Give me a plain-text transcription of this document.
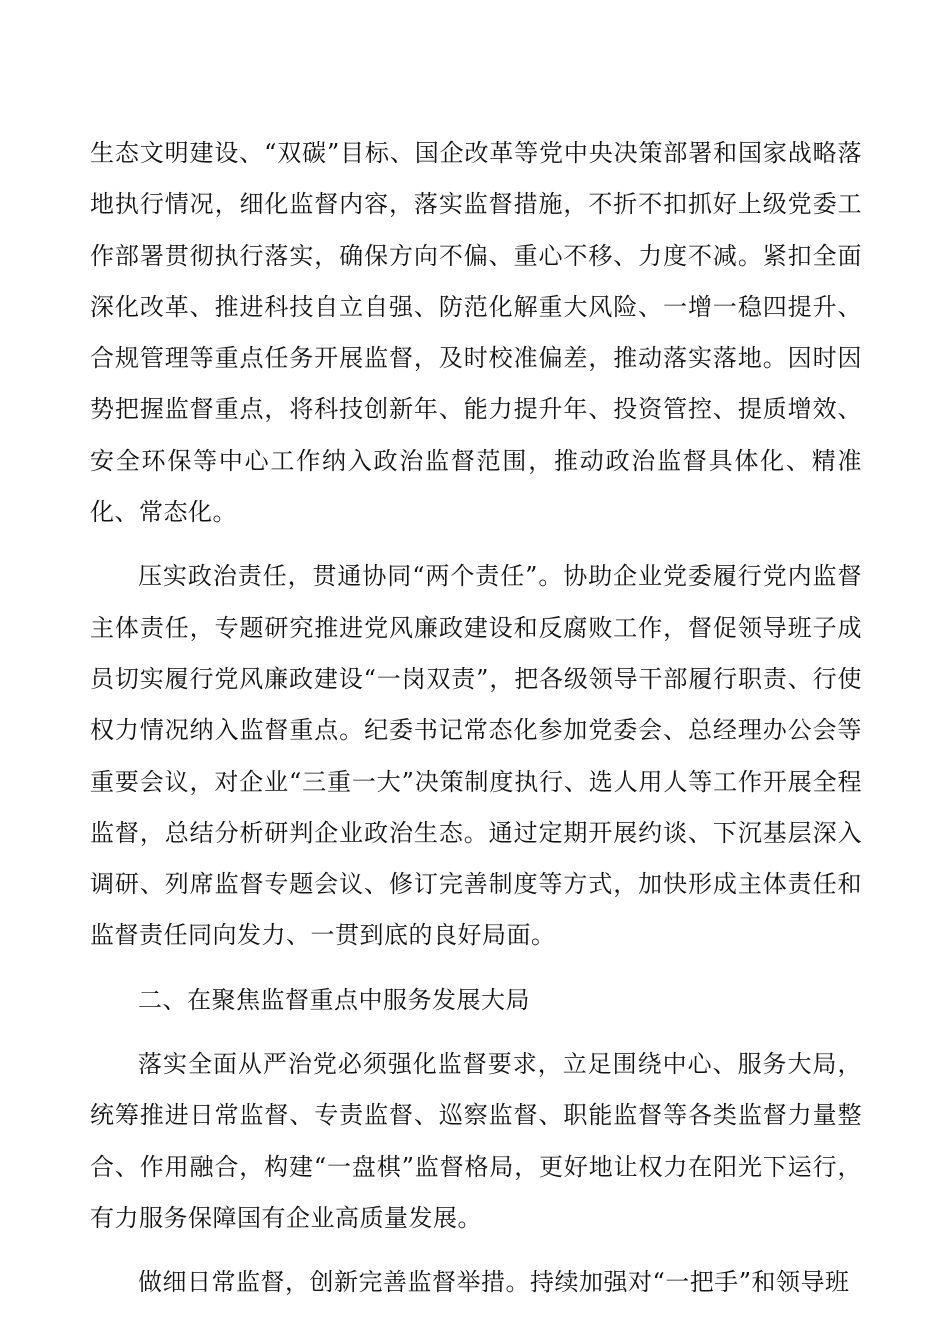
生态文明建设、“双碳”目标、国企改革等党中央决策部署和国家战略落地执行情况，细化监督内容，落实监督措施，不折不扣抓好上级党委工作部署贯彻执行落实，确保方向不偏、重心不移、力度不减。紧扣全面深化改革、推进科技自立自强、防范化解重大风险、一增一稳四提升、合规管理等重点任务开展监督，及时校准偏差，推动落实落地。因时因势把握监督重点，将科技创新年、能力提升年、投资管控、提质增效、安全环保等中心工作纳入政治监督范围，推动政治监督具体化、精准化、常态化。

压实政治责任，贯通协同“两个责任”。协助企业党委履行党内监督主体责任，专题研究推进党风廉政建设和反腐败工作，督促领导班子成员切实履行党风廉政建设“一岗双责”，把各级领导干部履行职责、行使权力情况纳入监督重点。纪委书记常态化参加党委会、总经理办公会等重要会议，对企业“三重一大”决策制度执行、选人用人等工作开展全程监督，总结分析研判企业政治生态。通过定期开展约谈、下沉基层深入调研、列席监督专题会议、修订完善制度等方式，加快形成主体责任和监督责任同向发力、一贯到底的良好局面。

二、在聚焦监督重点中服务发展大局

落实全面从严治党必须强化监督要求，立足围绕中心、服务大局，统筹推进日常监督、专责监督、巡察监督、职能监督等各类监督力量整合、作用融合，构建“一盘棋”监督格局，更好地让权力在阳光下运行，有力服务保障国有企业高质量发展。

做细日常监督，创新完善监督举措。持续加强对“一把手”和领导班
